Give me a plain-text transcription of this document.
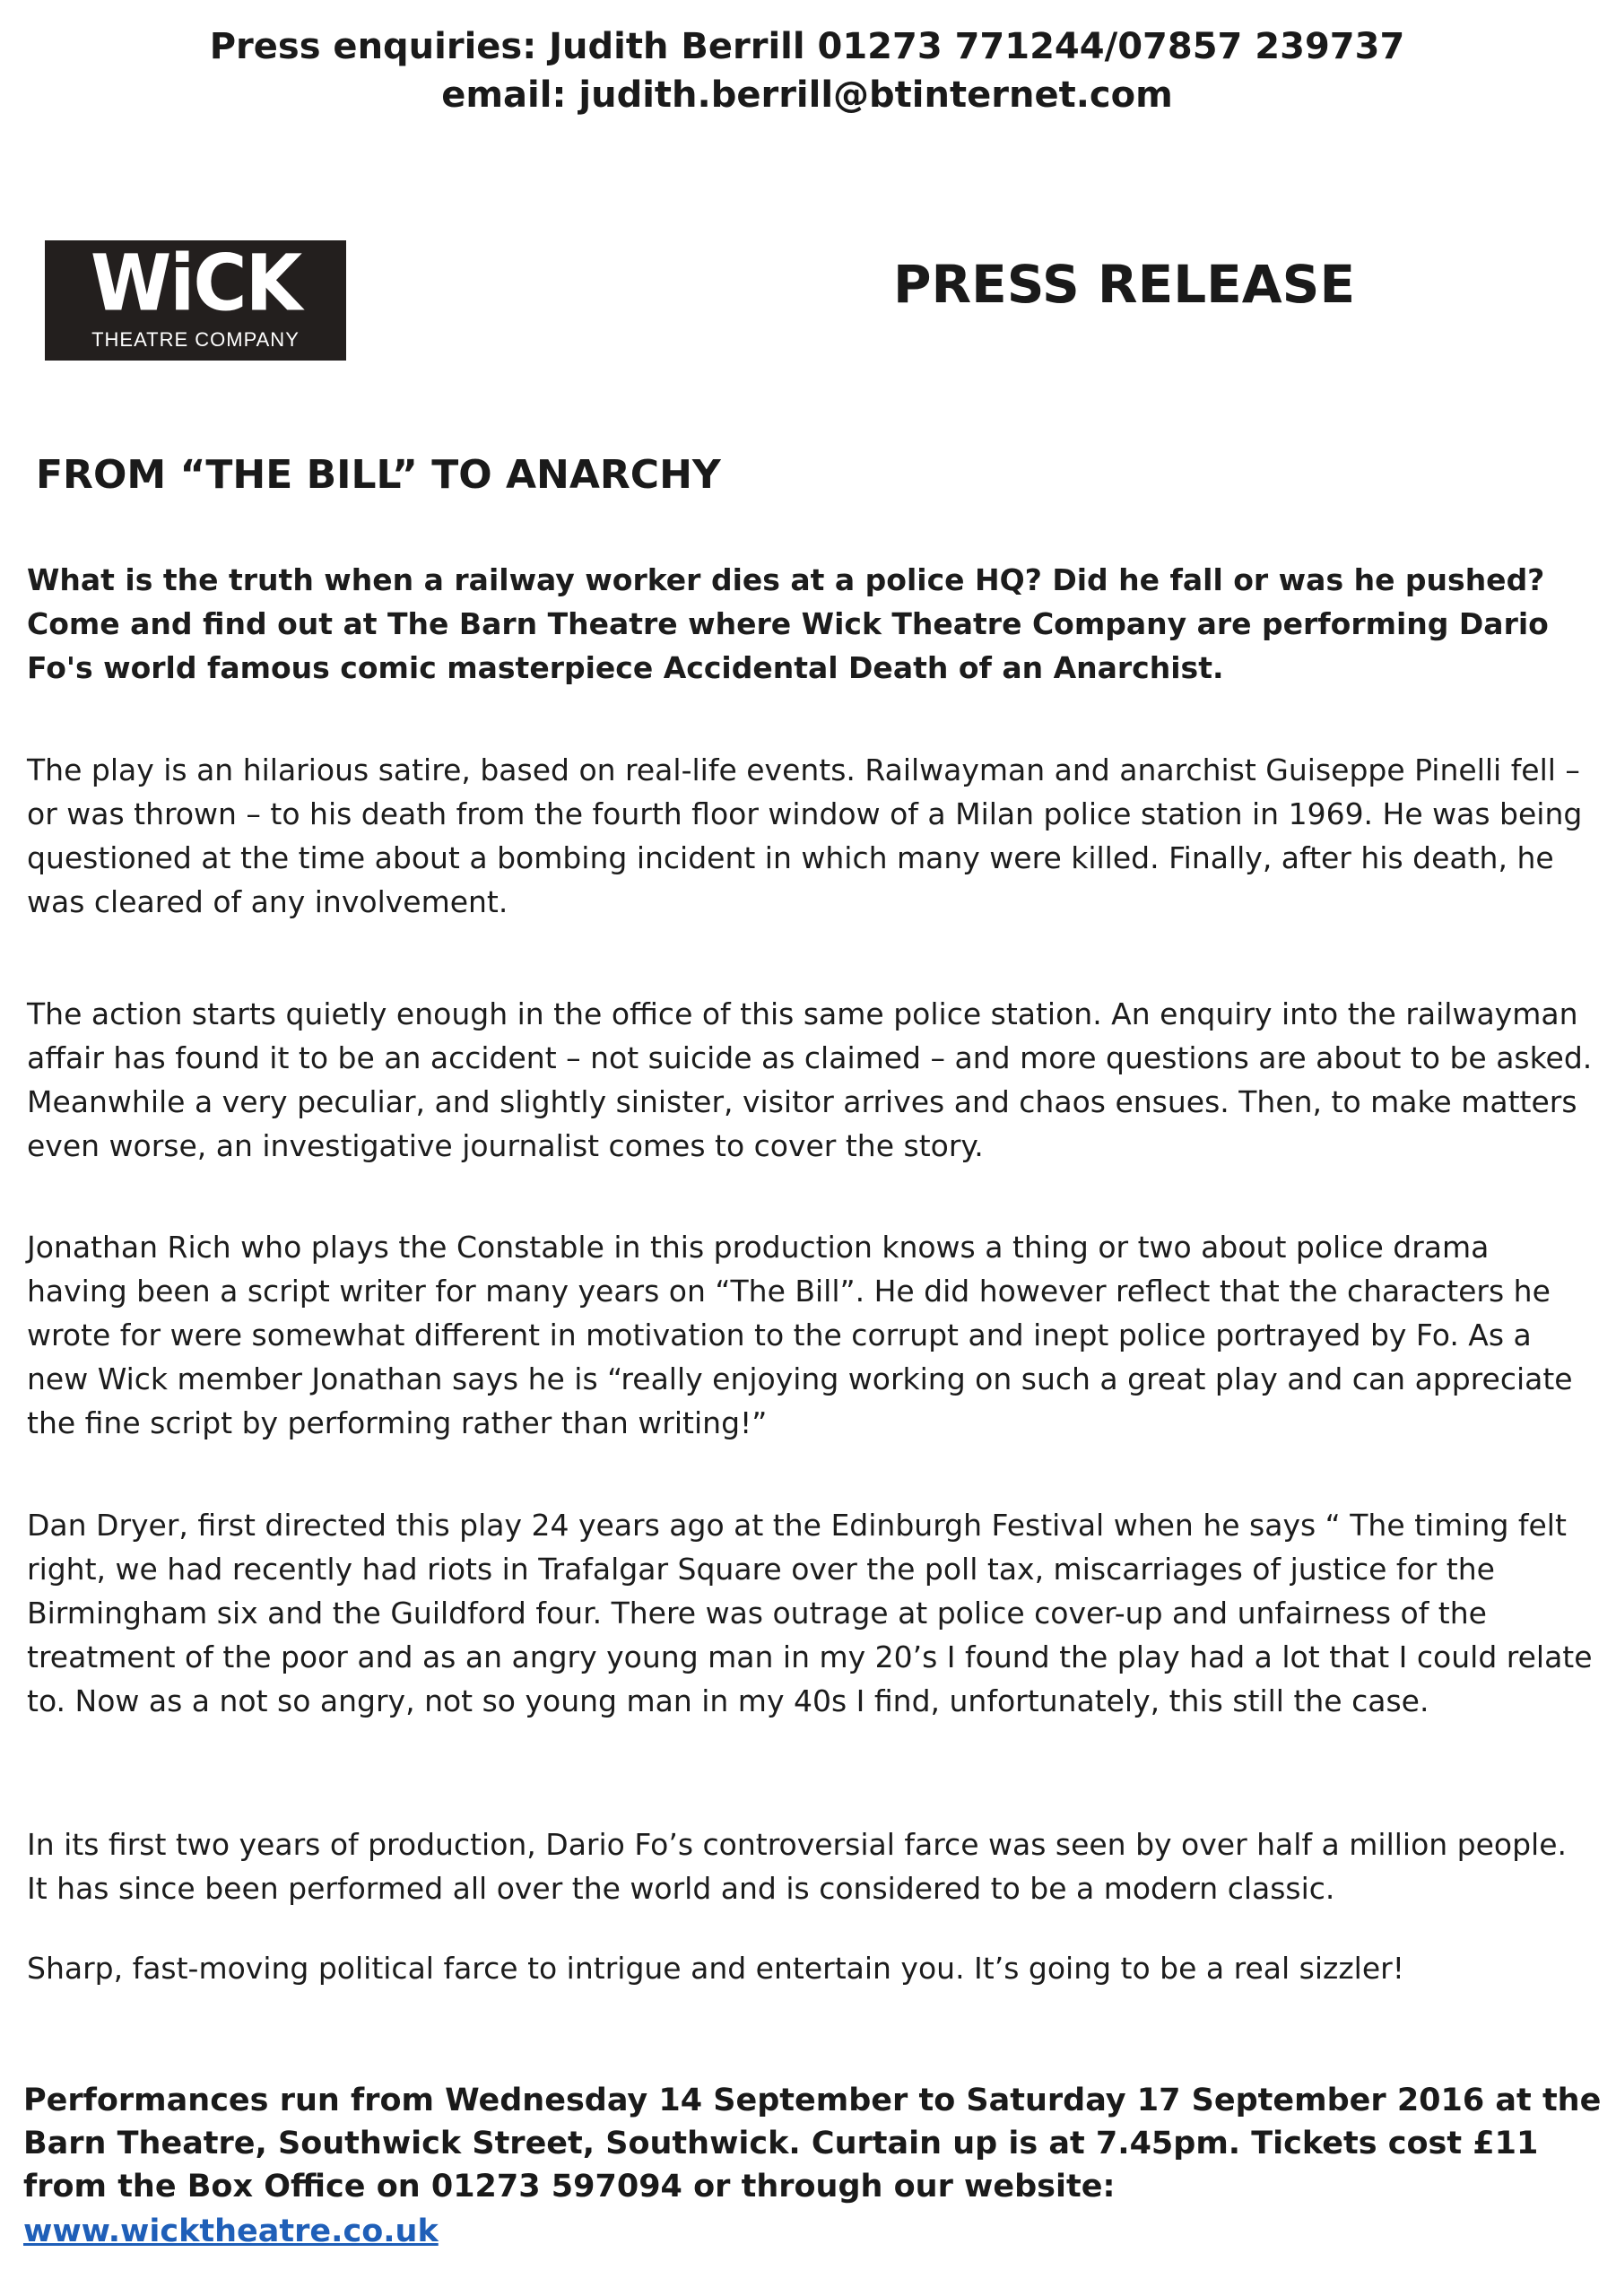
Press enquiries: Judith Berrill 01273 771244/07857 239737
email: judith.berrill@btinternet.com
WiCK
THEATRE COMPANY
PRESS RELEASE
FROM “THE BILL” TO ANARCHY
What is the truth when a railway worker dies at a police HQ? Did he fall or was he pushed? Come and find out at The Barn Theatre where Wick Theatre Company are performing Dario Fo's world famous comic masterpiece Accidental Death of an Anarchist.
The play is an hilarious satire, based on real-life events. Railwayman and anarchist Guiseppe Pinelli fell – or was thrown – to his death from the fourth floor window of a Milan police station in 1969. He was being questioned at the time about a bombing incident in which many were killed. Finally, after his death, he was cleared of any involvement.
The action starts quietly enough in the office of this same police station. An enquiry into the railwayman affair has found it to be an accident – not suicide as claimed – and more questions are about to be asked. Meanwhile a very peculiar, and slightly sinister, visitor arrives and chaos ensues. Then, to make matters even worse, an investigative journalist comes to cover the story.
Jonathan Rich who plays the Constable in this production knows a thing or two about police drama having been a script writer for many years on “The Bill”. He did however reflect that the characters he wrote for were somewhat different in motivation to the corrupt and inept police portrayed by Fo. As a new Wick member Jonathan says he is “really enjoying working on such a great play and can appreciate the fine script by performing rather than writing!”
Dan Dryer, first directed this play 24 years ago at the Edinburgh Festival when he says “ The timing felt right, we had recently had riots in Trafalgar Square over the poll tax, miscarriages of justice for the Birmingham six and the Guildford four. There was outrage at police cover-up and unfairness of the treatment of the poor and as an angry young man in my 20’s I found the play had a lot that I could relate to. Now as a not so angry, not so young man in my 40s I find, unfortunately, this still the case.
In its first two years of production, Dario Fo’s controversial farce was seen by over half a million people. It has since been performed all over the world and is considered to be a modern classic.
Sharp, fast-moving political farce to intrigue and entertain you. It’s going to be a real sizzler!
Performances run from Wednesday 14 September to Saturday 17 September 2016 at the Barn Theatre, Southwick Street, Southwick. Curtain up is at 7.45pm. Tickets cost £11 from the Box Office on 01273 597094 or through our website:
www.wicktheatre.co.uk
